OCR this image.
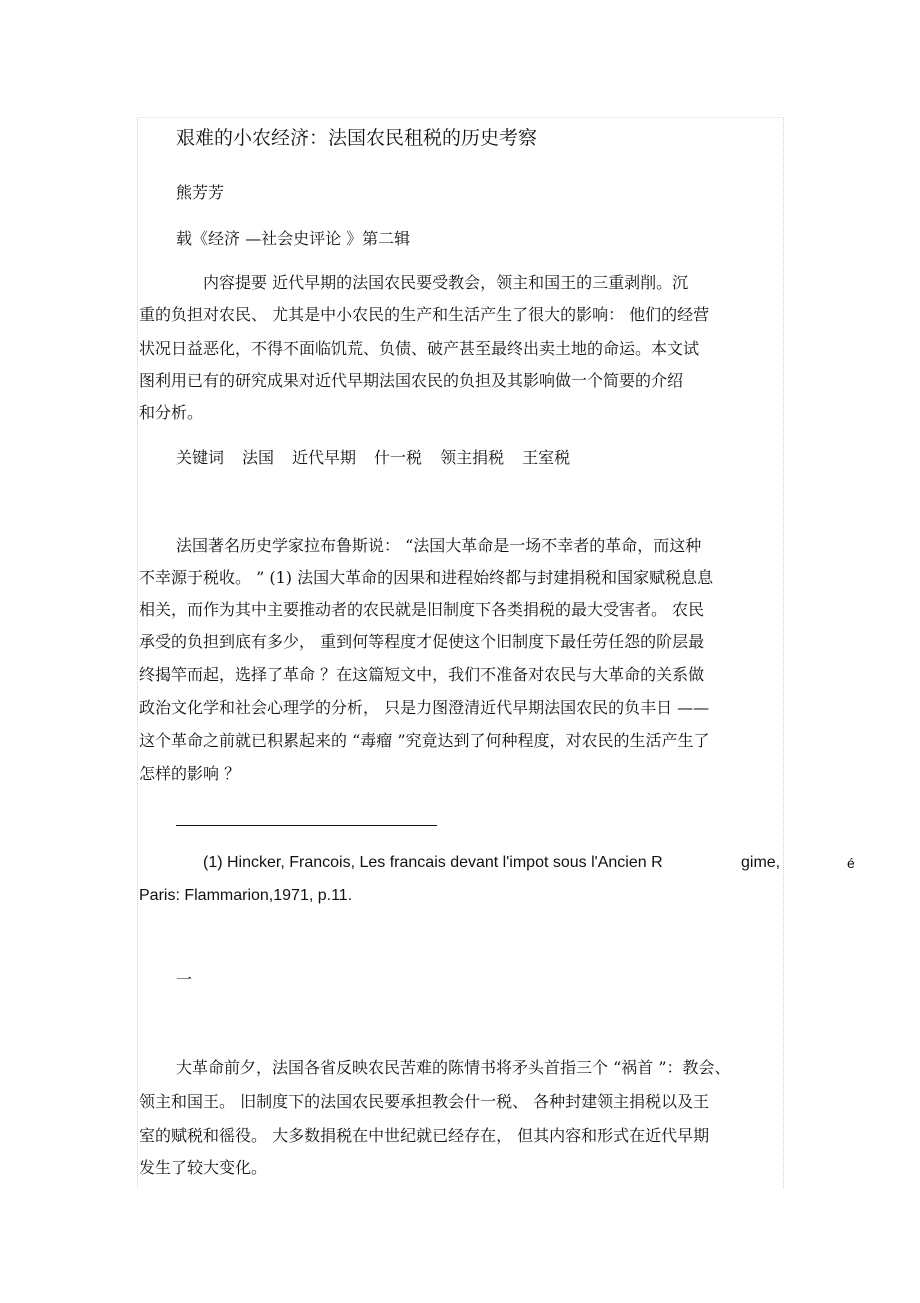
艰难的小农经济：法国农民租税的历史考察
熊芳芳
载《经济 —社会史评论 》第二辑
内容提要 近代早期的法国农民要受教会，领主和国王的三重剥削。沉
重的负担对农民、 尤其是中小农民的生产和生活产生了很大的影响： 他们的经营
状况日益恶化，不得不面临饥荒、负债、破产甚至最终出卖土地的命运。本文试
图利用已有的研究成果对近代早期法国农民的负担及其影响做一个简要的介绍
和分析。
关键词 法国 近代早期 什一税 领主捐税 王室税
法国著名历史学家拉布鲁斯说： “法国大革命是一场不幸者的革命，而这种
不幸源于税收。 ” (1) 法国大革命的因果和进程始终都与封建捐税和国家赋税息息
相关，而作为其中主要推动者的农民就是旧制度下各类捐税的最大受害者。 农民
承受的负担到底有多少， 重到何等程度才促使这个旧制度下最任劳任怨的阶层最
终揭竿而起，选择了革命 ？在这篇短文中，我们不准备对农民与大革命的关系做
政治文化学和社会心理学的分析， 只是力图澄清近代早期法国农民的负丰日 ——
这个革命之前就已积累起来的 “毒瘤 ”究竟达到了何种程度，对农民的生活产生了
怎样的影响 ？
(1) Hincker, Francois, Les francais devant l'impot sous l'Ancien R	gime,	é
Paris: Flammarion,1971, p.11.
一
大革命前夕，法国各省反映农民苦难的陈情书将矛头首指三个 “祸首 ”：教会、
领主和国王。 旧制度下的法国农民要承担教会什一税、 各种封建领主捐税以及王
室的赋税和徭役。 大多数捐税在中世纪就已经存在， 但其内容和形式在近代早期
发生了较大变化。
